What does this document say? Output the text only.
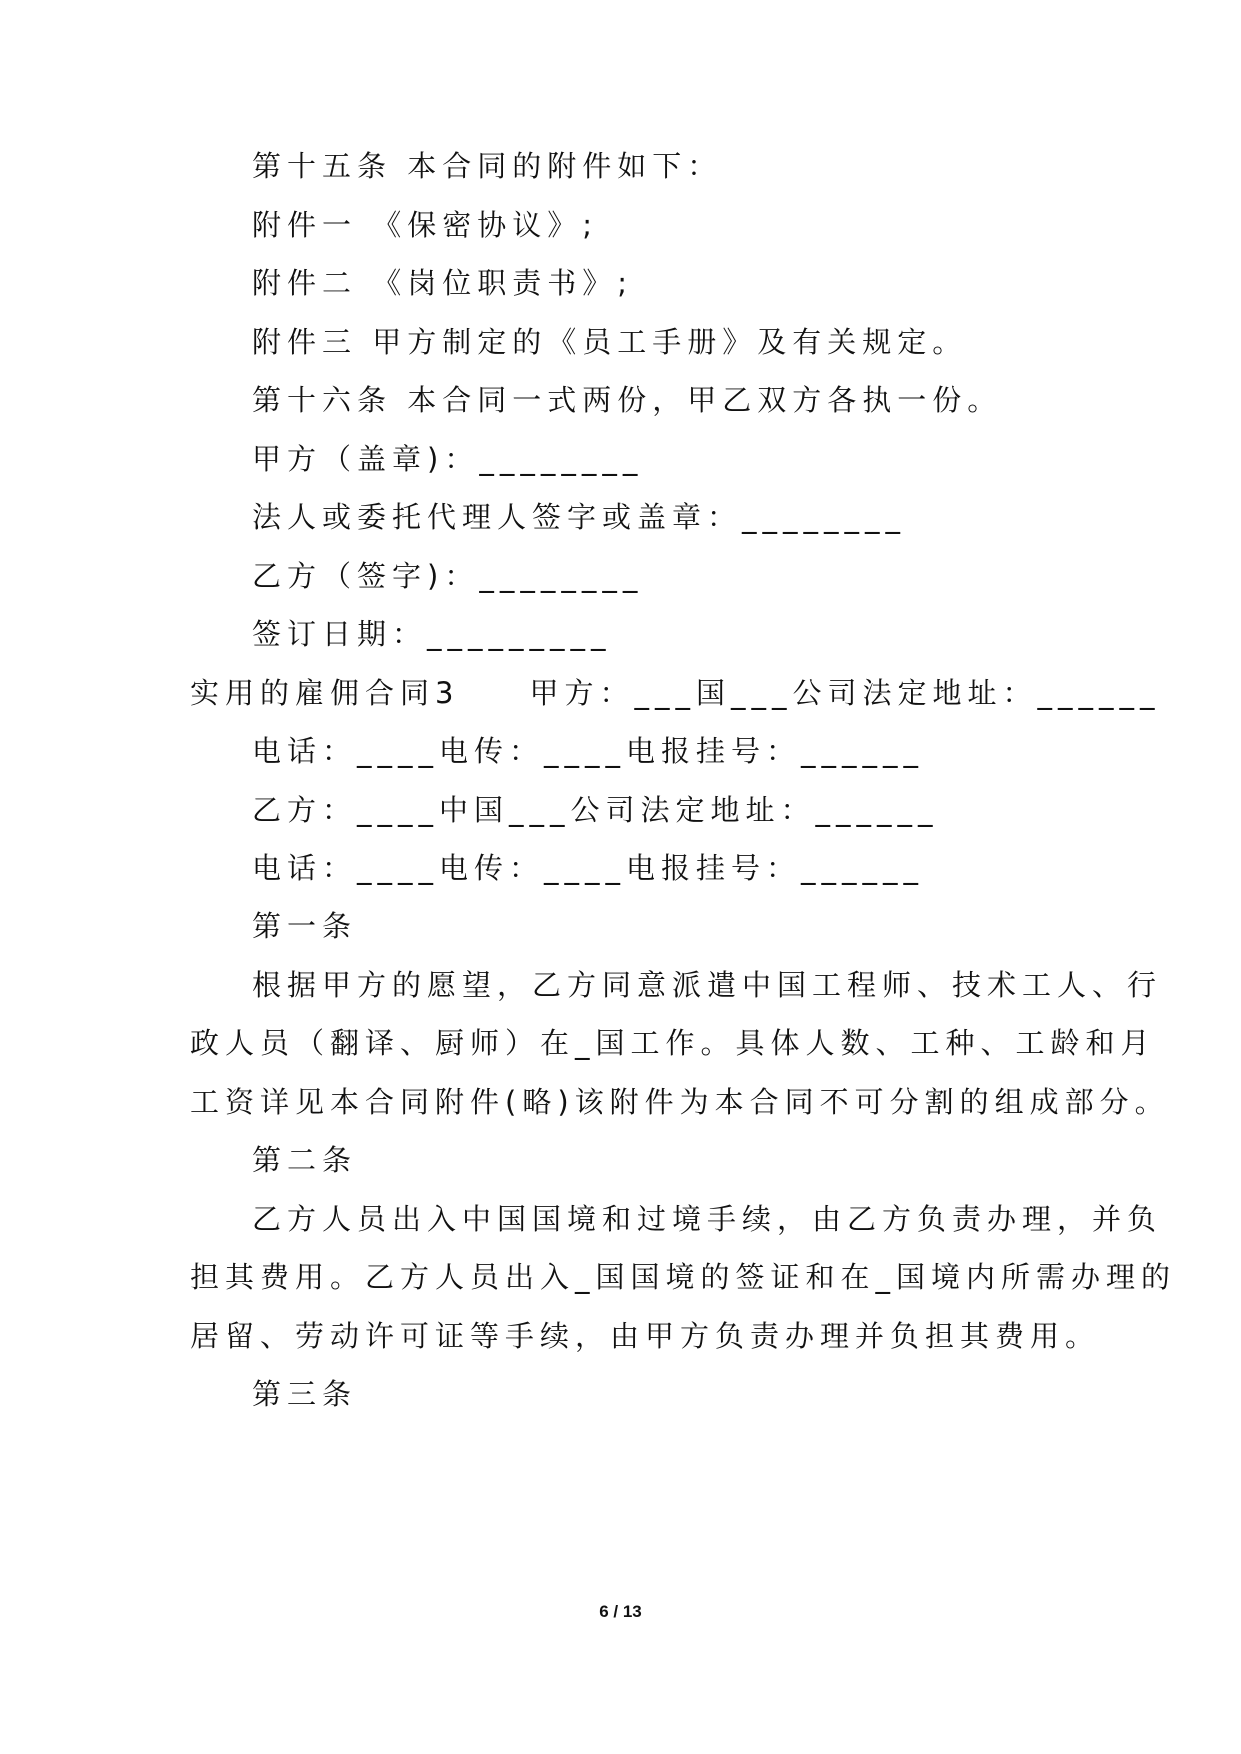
第十五条 本合同的附件如下：
附件一 《保密协议》;
附件二 《岗位职责书》;
附件三 甲方制定的《员工手册》及有关规定。
第十六条 本合同一式两份，甲乙双方各执一份。
甲方（盖章)：________
法人或委托代理人签字或盖章：________
乙方（签字)：________
签订日期：_________
实用的雇佣合同3　　甲方：___国___公司法定地址：______
电话：____电传：____电报挂号：______
乙方：____中国___公司法定地址：______
电话：____电传：____电报挂号：______
第一条
根据甲方的愿望，乙方同意派遣中国工程师、技术工人、行
政人员（翻译、厨师）在_国工作。具体人数、工种、工龄和月
工资详见本合同附件(略)该附件为本合同不可分割的组成部分。
第二条
乙方人员出入中国国境和过境手续，由乙方负责办理，并负
担其费用。乙方人员出入_国国境的签证和在_国境内所需办理的
居留、劳动许可证等手续，由甲方负责办理并负担其费用。
第三条
6 / 13
